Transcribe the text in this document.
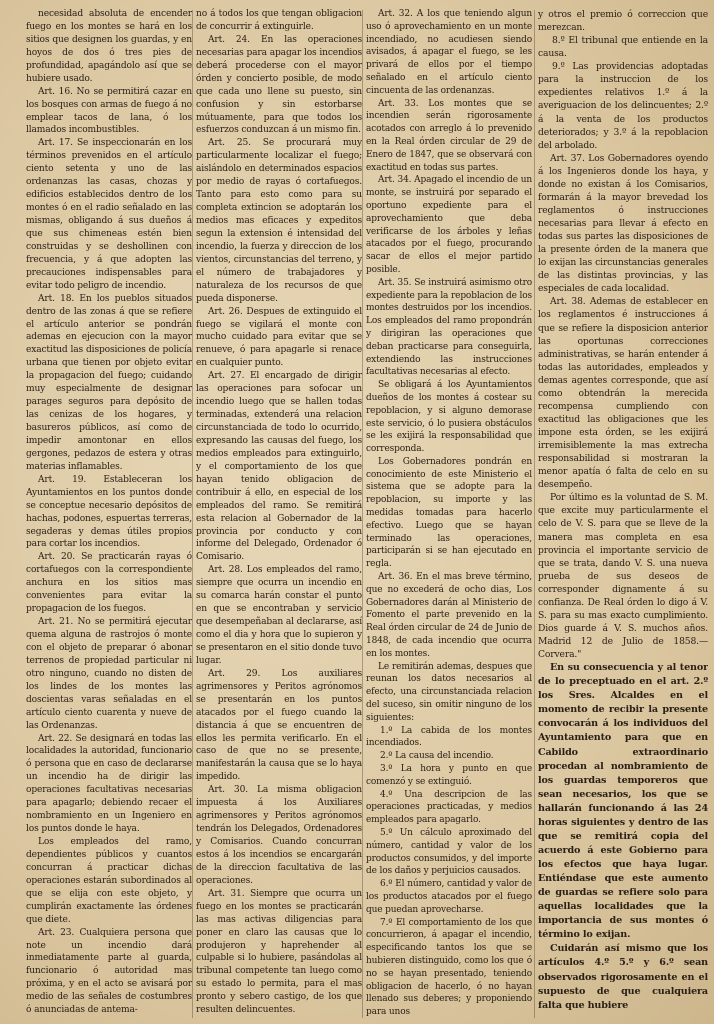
necesidad absoluta de encender fuego en los montes se hará en los sitios que designen los guardas, y en hoyos de dos ó tres pies de profundidad, apagándolo así que se hubiere usado.

Art. 16. No se permitirá cazar en los bosques con armas de fuego á no emplear tacos de lana, ó los llamados incombustibles.

Art. 17. Se inspeccionarán en los términos prevenidos en el artículo ciento setenta y uno de las ordenanzas las casas, chozas y edificios establecidos dentro de los montes ó en el radio señalado en las mismas, obligando á sus dueños á que sus chimeneas estén bien construidas y se deshollinen con frecuencia, y á que adopten las precauciones indispensables para evitar todo peligro de incendio.

Art. 18. En los pueblos situados dentro de las zonas á que se refiere el artículo anterior se pondrán ademas en ejecucion con la mayor exactitud las disposiciones de policía urbana que tienen por objeto evitar la propagacion del fuego; cuidando muy especialmente de designar parages seguros para depósito de las cenizas de los hogares, y basureros públicos, así como de impedir amontonar en ellos gergones, pedazos de estera y otras materias inflamables.

Art. 19. Estableceran los Ayuntamientos en los puntos donde se conceptue necesario depósitos de hachas, podones, espuertas terreras, segaderas y demas útiles propios para cortar los incendios.

Art. 20. Se practicarán rayas ó cortafuegos con la correspondiente anchura en los sitios mas convenientes para evitar la propagacion de los fuegos.

Art. 21. No se permitirá ejecutar quema alguna de rastrojos ó monte con el objeto de preparar ó abonar terrenos de propiedad particular ni otro ninguno, cuando no disten de los lindes de los montes las doscientas varas señaladas en el artículo ciento cuarenta y nueve de las Ordenanzas.

Art. 22. Se designará en todas las localidades la autoridad, funcionario ó persona que en caso de declararse un incendio ha de dirigir las operaciones facultativas necesarias para apagarlo; debiendo recaer el nombramiento en un Ingeniero en los puntos donde le haya.

Los empleados del ramo, dependientes públicos y cuantos concurran á practicar dichas operaciones estarán subordinados al que se elija con este objeto, y cumplirán exactamente las órdenes que diete.

Art. 23. Cualquiera persona que note un incendio dará inmediatamente parte al guarda, funcionario ó autoridad mas próxima, y en el acto se avisará por medio de las señales de costumbres ó anunciadas de antema-

no á todos los que tengan obligacion de concurrir á extinguirle.

Art. 24. En las operaciones necesarias para apagar los incendios deberá procederse con el mayor órden y concierto posible, de modo que cada uno llene su puesto, sin confusion y sin estorbarse mútuamente, para que todos los esfuerzos conduzcan á un mismo fin.

Art. 25. Se procurará muy particularmente localizar el fuego; aislándolo en determinados espacios por medio de rayas ó cortafuegos. Tanto para esto como para su completa extincion se adoptarán los medios mas eficaces y expeditos segun la extension é intensidad del incendio, la fuerza y direccion de los vientos, circunstancias del terreno, y el número de trabajadores y naturaleza de los recursos de que pueda disponerse.

Art. 26. Despues de extinguido el fuego se vigilará el monte con mucho cuidado para evitar que se renueve, ó para apagarle si renace en cualquier punto.

Art. 27. El encargado de dirigir las operaciones para sofocar un incendio luego que se hallen todas terminadas, extenderá una relacion circunstanciada de todo lo ocurrido, expresando las causas del fuego, los medios empleados para extinguirlo, y el comportamiento de los que hayan tenido obligacion de contribuir á ello, en especial de los empleados del ramo. Se remitirá esta relacion al Gobernador de la provincia por conducto y con informe del Delegado, Ordenador ó Comisario.

Art. 28. Los empleados del ramo, siempre que ocurra un incendio en su comarca harán constar el punto en que se encontraban y servicio que desempeñaban al declararse, así como el dia y hora que lo supieron y se presentaron en el sitio donde tuvo lugar.

Art. 29. Los auxiliares agrimensores y Peritos agrónomos se presentarán en los puntos atacados por el fuego cuando la distancia á que se encuentren de ellos les permita verificarlo. En el caso de que no se presente, manifestarán la causa que se lo haya impedido.

Art. 30. La misma obligacion impuesta á los Auxiliares agrimensores y Peritos agrónomos tendrán los Delegados, Ordenadores y Comisarios. Cuando concurran estos á los incendios se encargarán de la direccion facultativa de las operaciones.

Art. 31. Siempre que ocurra un fuego en los montes se practicarán las mas activas diligencias para poner en claro las causas que lo produjeron y haprehender al culpable si lo hubiere, pasándolas al tribunal competente tan luego como su estado lo permita, para el mas pronto y sebero castigo, de los que resulten delincuentes.

Art. 32. A los que teniendo algun uso ó aprovechamiento en un monte incendiado, no acudiesen siendo avisados, á apagar el fuego, se les privará de ellos por el tiempo señalado en el artículo ciento cincuenta de las ordenanzas.

Art. 33. Los montes que se incendien serán rigorosamente acotados con arreglo á lo prevenido en la Real órden circular de 29 de Enero de 1847, que se observará con exactitud en todas sus partes.

Art. 34. Apagado el incendio de un monte, se instruirá por separado el oportuno expediente para el aprovechamiento que deba verificarse de los árboles y leñas atacados por el fuego, procurando sacar de ellos el mejor partido posible.

Art. 35. Se instruirá asimismo otro expediente para la repoblacion de los montes destruidos por los incendios. Los empleados del ramo propondrán y dirigiran las operaciones que deban practicarse para conseguirla, extendiendo las instrucciones facultativas necesarias al efecto.

Se obligará á los Ayuntamientos dueños de los montes á costear su repoblacion, y si alguno demorase este servicio, ó lo pusiera obstáculos se les exijirá la responsabilidad que corresponda.

Los Gobernadores pondrán en conocimiento de este Ministerio el sistema que se adopte para la repoblacion, su importe y las medidas tomadas para hacerlo efectivo. Luego que se hayan terminado las operaciones, participarán si se han ejecutado en regla.

Art. 36. En el mas breve término, que no excederá de ocho dias, Los Gobernadores darán al Ministerio de Fomento el parte prevenido en la Real órden circular de 24 de Junio de 1848, de cada incendio que ocurra en los montes.

Le remitirán ademas, despues que reunan los datos necesarios al efecto, una circunstanciada relacion del suceso, sin omitir ninguno de los siguientes:

1.º La cabida de los montes incendiados.

2.º La causa del incendio.

3.º La hora y punto en que comenzó y se extinguió.

4.º Una descripcion de las operaciones practicadas, y medios empleados para apagarlo.

5.º Un cálculo aproximado del número, cantidad y valor de los productos consumidos, y del importe de los daños y perjuicios causados.

6.º El número, cantidad y valor de los productos atacados por el fuego que puedan aprovecharse.

7.º El comportamiento de los que concurrieron, á apagar el incendio, especificando tantos los que se hubieren distinguido, como los que ó no se hayan presentado, teniendo obligacion de hacerlo, ó no hayan llenado sus deberes; y proponiendo para unos

y otros el premio ó correccion que merezcan.

8.º El tribunal que entiende en la causa.

9.º Las providencias adoptadas para la instruccion de los expedientes relativos 1.º á la averiguacion de los delincuentes; 2.º á la venta de los productos deteriorados; y 3.º á la repoblacion del arbolado.

Art. 37. Los Gobernadores oyendo á los Ingenieros donde los haya, y donde no existan á los Comisarios, formarán á la mayor brevedad los reglamentos ó instrucciones necesarias para llevar á efecto en todas sus partes las disposiciones de la presente órden de la manera que lo exijan las circunstancias generales de las distintas provincias, y las especiales de cada localidad.

Art. 38. Ademas de establecer en los reglamentos é instrucciones á que se refiere la disposicion anterior las oportunas correcciones administrativas, se harán entender á todas las autoridades, empleados y demas agentes corresponde, que así como obtendrán la merecida recompensa cumpliendo con exactitud las obligaciones que les impone esta órden, se les exijirá irremisiblemente la mas extrecha responsabilidad si mostraran la menor apatía ó falta de celo en su desempeño.

Por último es la voluntad de S. M. que excite muy particularmente el celo de V. S. para que se lleve de la manera mas completa en esa provincia el importante servicio de que se trata, dando V. S. una nueva prueba de sus deseos de corresponder dignamente á su confianza. De Real órden lo digo á V. S. para su mas exacto cumplimiento. Dios guarde á V. S. muchos años. Madrid 12 de Julio de 1858.—Corvera."

En su consecuencia y al tenor de lo preceptuado en el art. 2.º los Sres. Alcaldes en el momento de recibir la presente convocarán á los individuos del Ayuntamiento para que en Cabildo extraordinario procedan al nombramiento de los guardas temporeros que sean necesarios, los que se hallarán funcionando á las 24 horas siguientes y dentro de las que se remitirá copia del acuerdo á este Gobierno para los efectos que haya lugar. Entiéndase que este aumento de guardas se refiere solo para aquellas localidades que la importancia de sus montes ó término lo exijan.

Cuidarán así mismo que los artículos 4.º 5.º y 6.º sean observados rigorosamente en el supuesto de que cualquiera falta que hubiere
